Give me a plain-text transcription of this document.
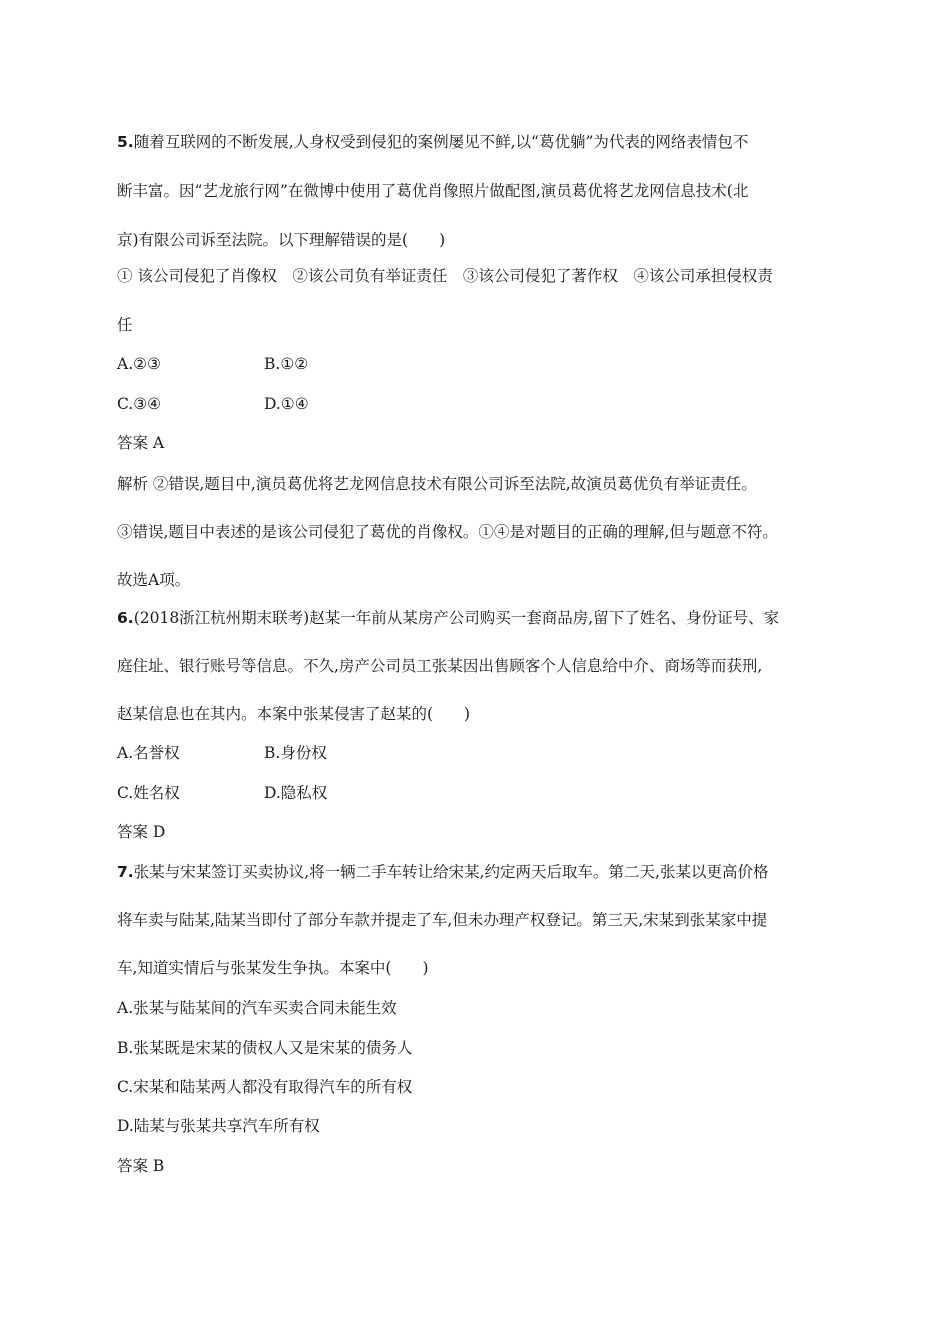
5.随着互联网的不断发展,人身权受到侵犯的案例屡见不鲜,以“葛优躺”为代表的网络表情包不
断丰富。因“艺龙旅行网”在微博中使用了葛优肖像照片做配图,演员葛优将艺龙网信息技术(北
京)有限公司诉至法院。以下理解错误的是(　　)
① 该公司侵犯了肖像权　②该公司负有举证责任　③该公司侵犯了著作权　④该公司承担侵权责
任
A.②③	B.①②
C.③④	D.①④
答案 A
解析 ②错误,题目中,演员葛优将艺龙网信息技术有限公司诉至法院,故演员葛优负有举证责任。
③错误,题目中表述的是该公司侵犯了葛优的肖像权。①④是对题目的正确的理解,但与题意不符。
故选A项。
6.(2018浙江杭州期末联考)赵某一年前从某房产公司购买一套商品房,留下了姓名、身份证号、家
庭住址、银行账号等信息。不久,房产公司员工张某因出售顾客个人信息给中介、商场等而获刑,
赵某信息也在其内。本案中张某侵害了赵某的(　　)
A.名誉权	B.身份权
C.姓名权	D.隐私权
答案 D
7.张某与宋某签订买卖协议,将一辆二手车转让给宋某,约定两天后取车。第二天,张某以更高价格
将车卖与陆某,陆某当即付了部分车款并提走了车,但未办理产权登记。第三天,宋某到张某家中提
车,知道实情后与张某发生争执。本案中(　　)
A.张某与陆某间的汽车买卖合同未能生效
B.张某既是宋某的债权人又是宋某的债务人
C.宋某和陆某两人都没有取得汽车的所有权
D.陆某与张某共享汽车所有权
答案 B
